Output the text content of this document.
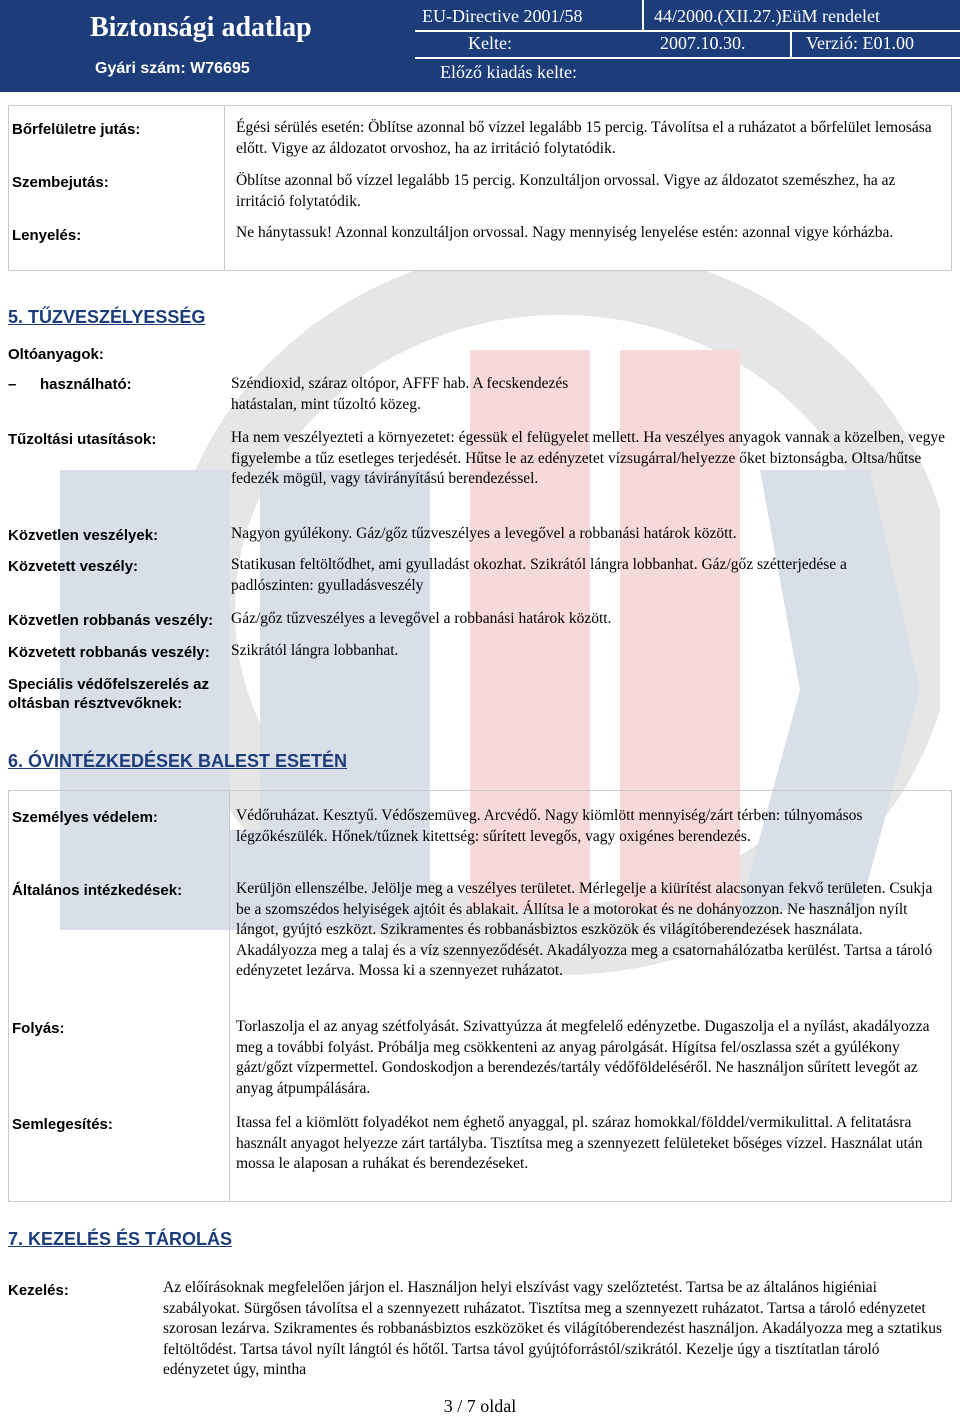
Biztonsági adatlap
Gyári szám: W76695
EU-Directive 2001/58	44/2000.(XII.27.)EüM rendelet
Kelte:	2007.10.30.	Verzió: E01.00
Előző kiadás kelte:
Bőrfelületre jutás:	Égési sérülés esetén: Öblítse azonnal bő vízzel legalább 15 percig. Távolítsa el a ruházatot a bőrfelület lemosása előtt. Vigye az áldozatot orvoshoz, ha az irritáció folytatódik.
Szembejutás:	Öblítse azonnal bő vízzel legalább 15 percig. Konzultáljon orvossal. Vigye az áldozatot szemészhez, ha az irritáció folytatódik.
Lenyelés:	Ne hánytassuk! Azonnal konzultáljon orvossal. Nagy mennyiség lenyelése estén: azonnal vigye kórházba.
5. TŰZVESZÉLYESSÉG
Oltóanyagok:
– használható:	Széndioxid, száraz oltópor, AFFF hab. A fecskendezés hatástalan, mint tűzoltó közeg.
Tűzoltási utasítások:	Ha nem veszélyezteti a környezetet: égessük el felügyelet mellett. Ha veszélyes anyagok vannak a közelben, vegye figyelembe a tűz esetleges terjedését. Hűtse le az edényzetet vízsugárral/helyezze őket biztonságba. Oltsa/hűtse fedezék mögül, vagy távirányítású berendezéssel.
Közvetlen veszélyek:	Nagyon gyúlékony. Gáz/gőz tűzveszélyes a levegővel a robbanási határok között.
Közvetett veszély:	Statikusan feltöltődhet, ami gyulladást okozhat. Szikrától lángra lobbanhat. Gáz/gőz szétterjedése a padlószinten: gyulladásveszély
Közvetlen robbanás veszély: Gáz/gőz tűzveszélyes a levegővel a robbanási határok között.
Közvetett robbanás veszély: Szikrától lángra lobbanhat.
Speciális védőfelszerelés az oltásban résztvevőknek:
6. ÓVINTÉZKEDÉSEK BALEST ESETÉN
Személyes védelem:	Védőruházat. Kesztyű. Védőszemüveg. Arcvédő. Nagy kiömlött mennyiség/zárt térben: túlnyomásos légzőkészülék. Hőnek/tűznek kitettség: sűrített levegős, vagy oxigénes berendezés.
Általános intézkedések:	Kerüljön ellenszélbe. Jelölje meg a veszélyes területet. Mérlegelje a kiürítést alacsonyan fekvő területen. Csukja be a szomszédos helyiségek ajtóit és ablakait. Állítsa le a motorokat és ne dohányozzon. Ne használjon nyílt lángot, gyújtó eszközt. Szikramentes és robbanásbiztos eszközök és világítóberendezések használata. Akadályozza meg a talaj és a víz szennyeződését. Akadályozza meg a csatornahálózatba kerülést. Tartsa a tároló edényzetet lezárva. Mossa ki a szennyezet ruházatot.
Folyás:	Torlaszolja el az anyag szétfolyását. Szivattyúzza át megfelelő edényzetbe. Dugaszolja el a nyílást, akadályozza meg a további folyást. Próbálja meg csökkenteni az anyag párolgását. Hígítsa fel/oszlassa szét a gyúlékony gázt/gőzt vízpermettel. Gondoskodjon a berendezés/tartály védőföldeléséről. Ne használjon sűrített levegőt az anyag átpumpálására.
Semlegesítés:	Itassa fel a kiömlött folyadékot nem éghető anyaggal, pl. száraz homokkal/földdel/vermikulittal. A felitatásra használt anyagot helyezze zárt tartályba. Tisztítsa meg a szennyezett felületeket bőséges vízzel. Használat után mossa le alaposan a ruhákat és berendezéseket.
7. KEZELÉS ÉS TÁROLÁS
Kezelés:	Az előírásoknak megfelelően járjon el. Használjon helyi elszívást vagy szelőztetést. Tartsa be az általános higiéniai szabályokat. Sürgősen távolítsa el a szennyezett ruházatot. Tisztítsa meg a szennyezett ruházatot. Tartsa a tároló edényzetet szorosan lezárva. Szikramentes és robbanásbiztos eszközöket és világítóberendezést használjon. Akadályozza meg a sztatikus feltöltődést. Tartsa távol nyílt lángtól és hőtől. Tartsa távol gyújtóforrástól/szikrától. Kezelje úgy a tisztítatlan tároló edényzetet úgy, mintha
3 / 7 oldal
